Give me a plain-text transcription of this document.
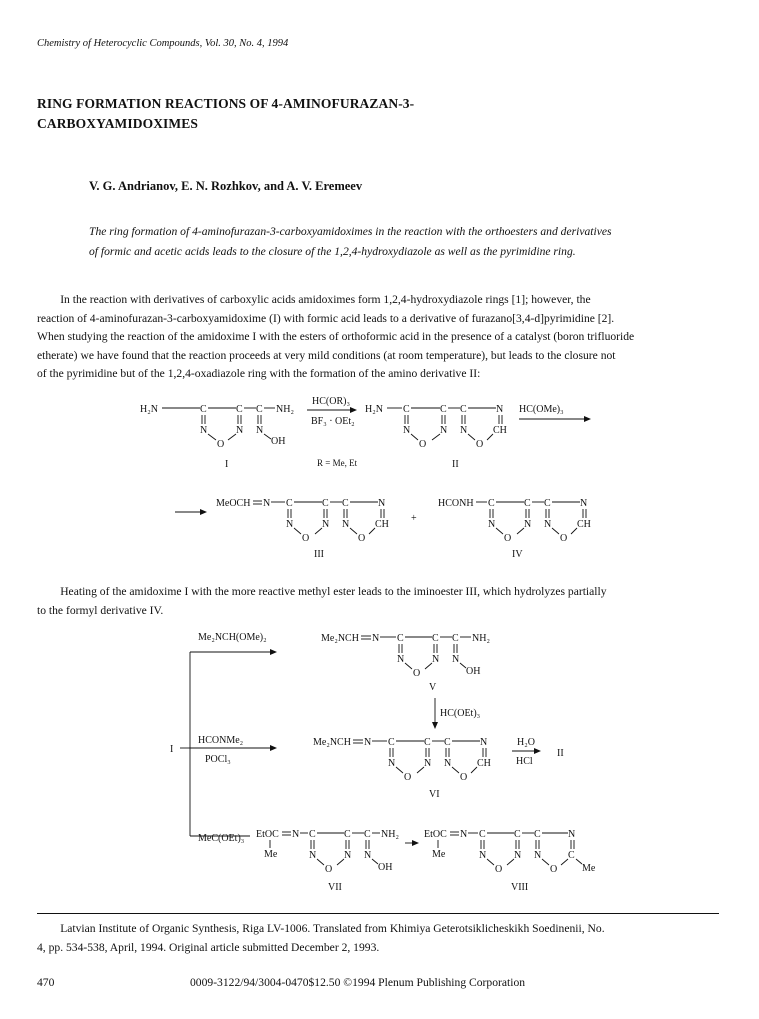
Chemistry of Heterocyclic Compounds, Vol. 30, No. 4, 1994
RING FORMATION REACTIONS OF 4-AMINOFURAZAN-3-
CARBOXYAMIDOXIMES
V. G. Andrianov, E. N. Rozhkov, and A. V. Eremeev
The ring formation of 4-aminofurazan-3-carboxyamidoximes in the reaction with the orthoesters and derivatives
of formic and acetic acids leads to the closure of the 1,2,4-hydroxydiazole as well as the pyrimidine ring.
In the reaction with derivatives of carboxylic acids amidoximes form 1,2,4-hydroxydiazole rings [1]; however, the
reaction of 4-aminofurazan-3-carboxyamidoxime (I) with formic acid leads to a derivative of furazano[3,4-d]pyrimidine [2].
When studying the reaction of the amidoxime I with the esters of orthoformic acid in the presence of a catalyst (boron trifluoride
etherate) we have found that the reaction proceeds at very mild conditions (at room temperature), but leads to the closure not
of the pyrimidine but of the 1,2,4-oxadiazole ring with the formation of the amino derivative II:
Heating of the amidoxime I with the more reactive methyl ester leads to the iminoester III, which hydrolyzes partially
to the formyl derivative IV.
H₂N	C	C C NH₂
N	N N
O	OH
I
HC(OR)₃
BF₃ · OEt₂
R = Me, Et
H₂N C	C C	N
N	N N	CH
O	O
II
HC(OMe)₃
MeOCH N C	C C	N
N	N N	CH
O	O
III
+
HCONH C	C C	N
N	N N	CH
O	O
IV
I
Me₂NCH(OMe)₂	Me₂NCH N C	C C NH₂
N	N N
O	OH
V
HC(OEt)₃
HCONMe₂
POCl₃
Me₂NCH N C	C C	N
N	N N	CH
O	O
VI
H₂O
HCl
II
MeC(OEt)₃ EtOC N C	C C NH₂
Me	N	N N
O	OH
VII
EtOC N C	C C	N
Me	N	N N	C
O	O Me
VIII
Latvian Institute of Organic Synthesis, Riga LV-1006. Translated from Khimiya Geterotsiklicheskikh Soedinenii, No.
4, pp. 534-538, April, 1994. Original article submitted December 2, 1993.
470	0009-3122/94/3004-0470$12.50 ©1994 Plenum Publishing Corporation
